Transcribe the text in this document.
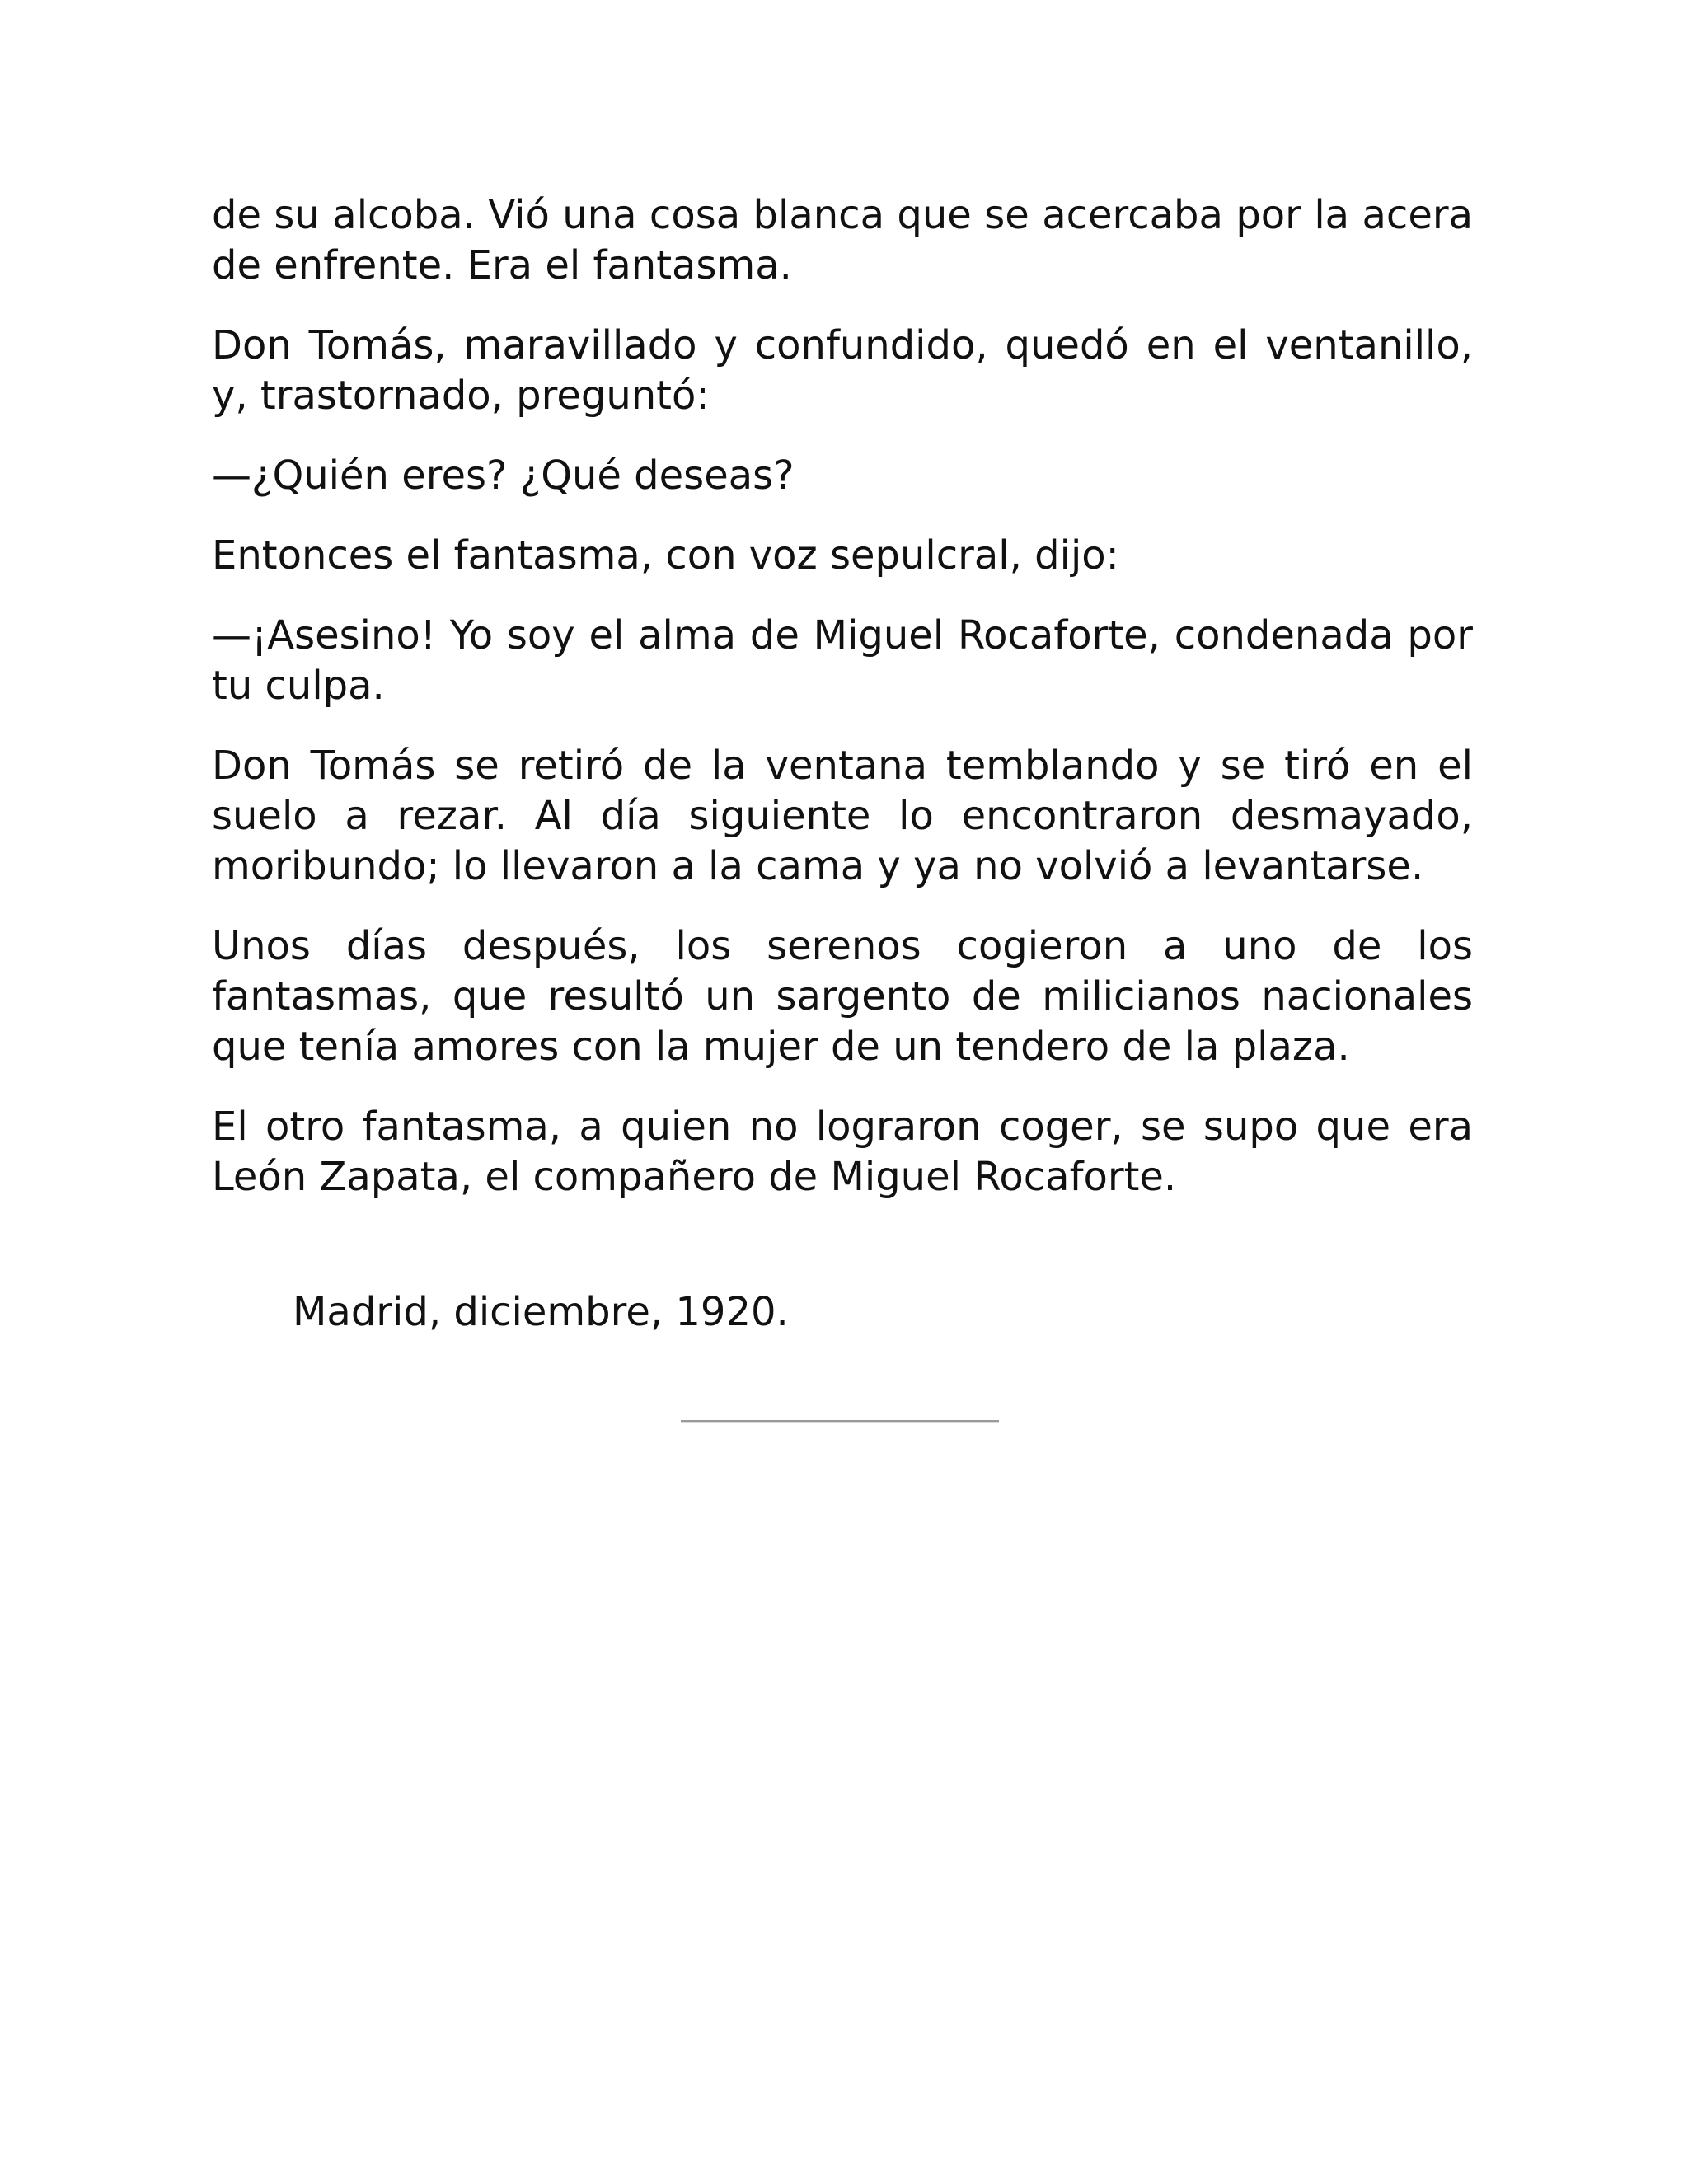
de su alcoba. Vió una cosa blanca que se acercaba por la acera de enfrente. Era el fantasma.

Don Tomás, maravillado y confundido, quedó en el ventanillo, y, trastornado, preguntó:

—¿Quién eres? ¿Qué deseas?

Entonces el fantasma, con voz sepulcral, dijo:

—¡Asesino! Yo soy el alma de Miguel Rocaforte, condenada por tu culpa.

Don Tomás se retiró de la ventana temblando y se tiró en el suelo a rezar. Al día siguiente lo encontraron desmayado, moribundo; lo llevaron a la cama y ya no volvió a levantarse.

Unos días después, los serenos cogieron a uno de los fantasmas, que resultó un sargento de milicianos nacionales que tenía amores con la mujer de un tendero de la plaza.

El otro fantasma, a quien no lograron coger, se supo que era León Zapata, el compañero de Miguel Rocaforte.

Madrid, diciembre, 1920.
